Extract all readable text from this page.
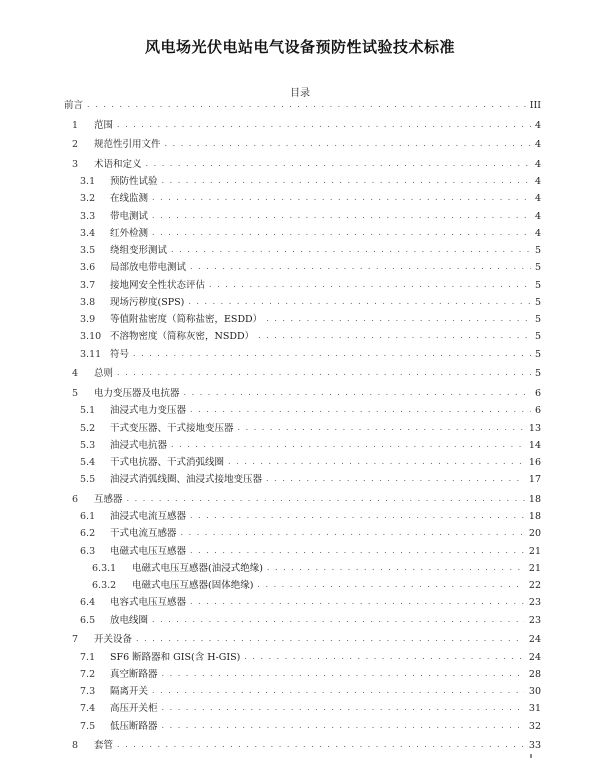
风电场光伏电站电气设备预防性试验技术标准
目录
前言 . . .	III
1	范围 . . .	4
2	规范性引用文件 . . .	4
3	术语和定义 . . .	4
3.1	预防性试验 . . .	4
3.2	在线监测 . . .	4
3.3	带电测试 . . .	4
3.4	红外检测 . . .	4
3.5	绕组变形测试 . . .	5
3.6	局部放电带电测试 . . .	5
3.7	接地网安全性状态评估 . . .	5
3.8	现场污秽度(SPS) . . .	5
3.9	等值附盐密度（简称盐密，ESDD） . . .	5
3.10 不溶物密度（简称灰密，NSDD） . . .	5
3.11 符号 . . .	5
4	总则 . . .	5
5	电力变压器及电抗器 . . .	6
5.1	油浸式电力变压器 . . .	6
5.2	干式变压器、干式接地变压器 . . .	13
5.3	油浸式电抗器 . . .	14
5.4	干式电抗器、干式消弧线圈 . . .	16
5.5	油浸式消弧线圈、油浸式接地变压器 . . .	17
6	互感器 . . .	18
6.1	油浸式电流互感器 . . .	18
6.2	干式电流互感器 . . .	20
6.3	电磁式电压互感器 . . .	21
6.3.1	电磁式电压互感器(油浸式绝缘) . . .	21
6.3.2	电磁式电压互感器(固体绝缘) . . .	22
6.4	电容式电压互感器 . . .	23
6.5	放电线圈 . . .	23
7	开关设备 . . .	24
7.1	SF6 断路器和 GIS(含 H-GIS) . . .	24
7.2	真空断路器 . . .	28
7.3	隔离开关 . . .	30
7.4	高压开关柜 . . .	31
7.5	低压断路器 . . .	32
8	套管 . . .	33
